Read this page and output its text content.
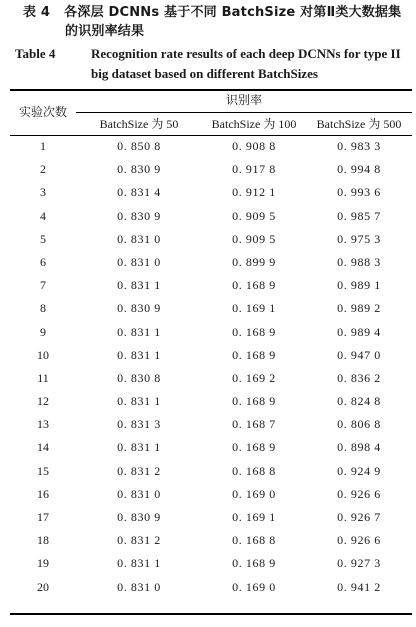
表 4 各深层 DCNNs 基于不同 BatchSize 对第Ⅱ类大数据集
的识别率结果
Table 4	Recognition rate results of each deep DCNNs for type II
big dataset based on different BatchSizes
实验次数
识别率
BatchSize 为 50	BatchSize 为 100	BatchSize 为 500
1	0. 850 8	0. 908 8	0. 983 3
2	0. 830 9	0. 917 8	0. 994 8
3	0. 831 4	0. 912 1	0. 993 6
4	0. 830 9	0. 909 5	0. 985 7
5	0. 831 0	0. 909 5	0. 975 3
6	0. 831 0	0. 899 9	0. 988 3
7	0. 831 1	0. 168 9	0. 989 1
8	0. 830 9	0. 169 1	0. 989 2
9	0. 831 1	0. 168 9	0. 989 4
10	0. 831 1	0. 168 9	0. 947 0
11	0. 830 8	0. 169 2	0. 836 2
12	0. 831 1	0. 168 9	0. 824 8
13	0. 831 3	0. 168 7	0. 806 8
14	0. 831 1	0. 168 9	0. 898 4
15	0. 831 2	0. 168 8	0. 924 9
16	0. 831 0	0. 169 0	0. 926 6
17	0. 830 9	0. 169 1	0. 926 7
18	0. 831 2	0. 168 8	0. 926 6
19	0. 831 1	0. 168 9	0. 927 3
20	0. 831 0	0. 169 0	0. 941 2
